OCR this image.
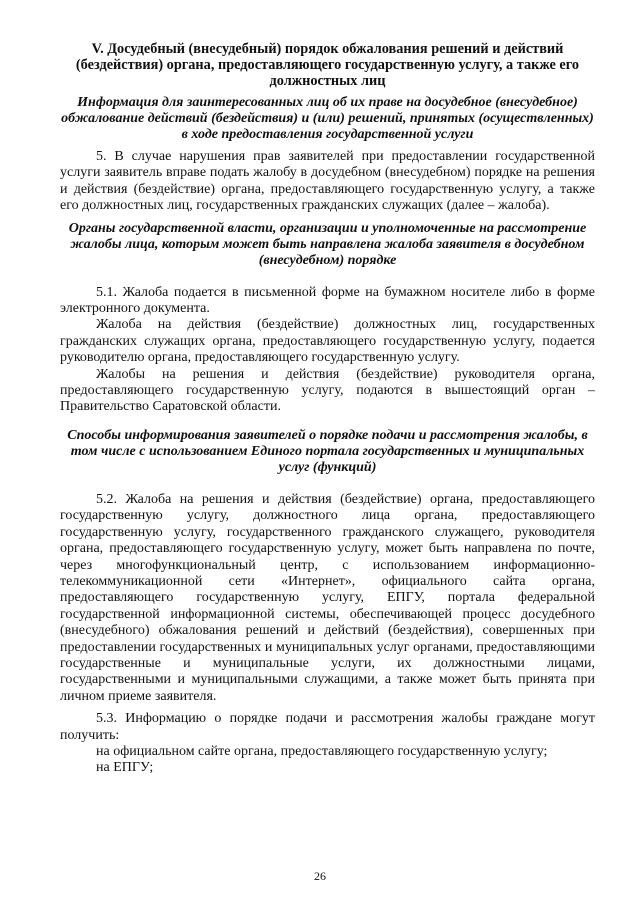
V. Досудебный (внесудебный) порядок обжалования решений и действий (бездействия) органа, предоставляющего государственную услугу, а также его должностных лиц
Информация для заинтересованных лиц об их праве на досудебное (внесудебное) обжалование действий (бездействия) и (или) решений, принятых (осуществленных) в ходе предоставления государственной услуги

5. В случае нарушения прав заявителей при предоставлении государственной услуги заявитель вправе подать жалобу в досудебном (внесудебном) порядке на решения и действия (бездействие) органа, предоставляющего государственную услугу, а также его должностных лиц, государственных гражданских служащих (далее – жалоба).

Органы государственной власти, организации и уполномоченные на рассмотрение жалобы лица, которым может быть направлена жалоба заявителя в досудебном (внесудебном) порядке

5.1. Жалоба подается в письменной форме на бумажном носителе либо в форме электронного документа.

Жалоба на действия (бездействие) должностных лиц, государственных гражданских служащих органа, предоставляющего государственную услугу, подается руководителю органа, предоставляющего государственную услугу.

Жалобы на решения и действия (бездействие) руководителя органа, предоставляющего государственную услугу, подаются в вышестоящий орган – Правительство Саратовской области.

Способы информирования заявителей о порядке подачи и рассмотрения жалобы, в том числе с использованием Единого портала государственных и муниципальных услуг (функций)

5.2. Жалоба на решения и действия (бездействие) органа, предоставляющего государственную услугу, должностного лица органа, предоставляющего государственную услугу, государственного гражданского служащего, руководителя органа, предоставляющего государственную услугу, может быть направлена по почте, через многофункциональный центр, с использованием информационно-телекоммуникационной сети «Интернет», официального сайта органа, предоставляющего государственную услугу, ЕПГУ, портала федеральной государственной информационной системы, обеспечивающей процесс досудебного (внесудебного) обжалования решений и действий (бездействия), совершенных при предоставлении государственных и муниципальных услуг органами, предоставляющими государственные и муниципальные услуги, их должностными лицами, государственными и муниципальными служащими, а также может быть принята при личном приеме заявителя.

5.3. Информацию о порядке подачи и рассмотрения жалобы граждане могут получить:

на официальном сайте органа, предоставляющего государственную услугу;

на ЕПГУ;

26
